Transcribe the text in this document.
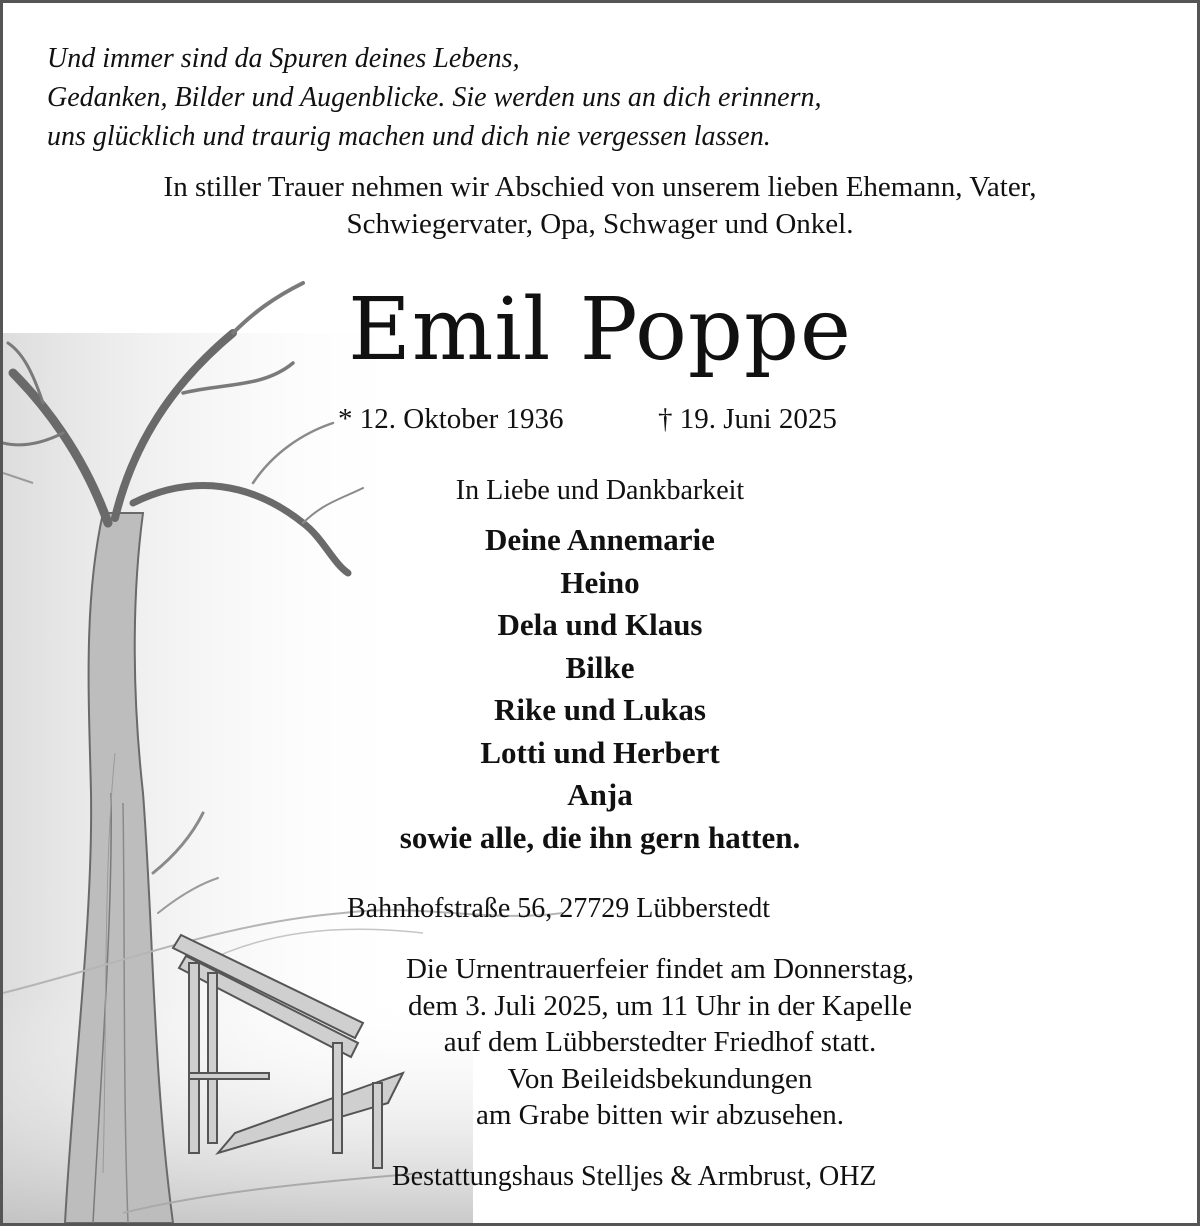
Und immer sind da Spuren deines Lebens,
Gedanken, Bilder und Augenblicke. Sie werden uns an dich erinnern,
uns glücklich und traurig machen und dich nie vergessen lassen.
In stiller Trauer nehmen wir Abschied von unserem lieben Ehemann, Vater,
Schwiegervater, Opa, Schwager und Onkel.
Emil Poppe
* 12. Oktober 1936	† 19. Juni 2025
In Liebe und Dankbarkeit
Deine Annemarie
Heino
Dela und Klaus
Bilke
Rike und Lukas
Lotti und Herbert
Anja
sowie alle, die ihn gern hatten.
Bahnhofstraße 56, 27729 Lübberstedt
Die Urnentrauerfeier findet am Donnerstag,
dem 3. Juli 2025, um 11 Uhr in der Kapelle
auf dem Lübberstedter Friedhof statt.
Von Beileidsbekundungen
am Grabe bitten wir abzusehen.
Bestattungshaus Stelljes & Armbrust, OHZ
